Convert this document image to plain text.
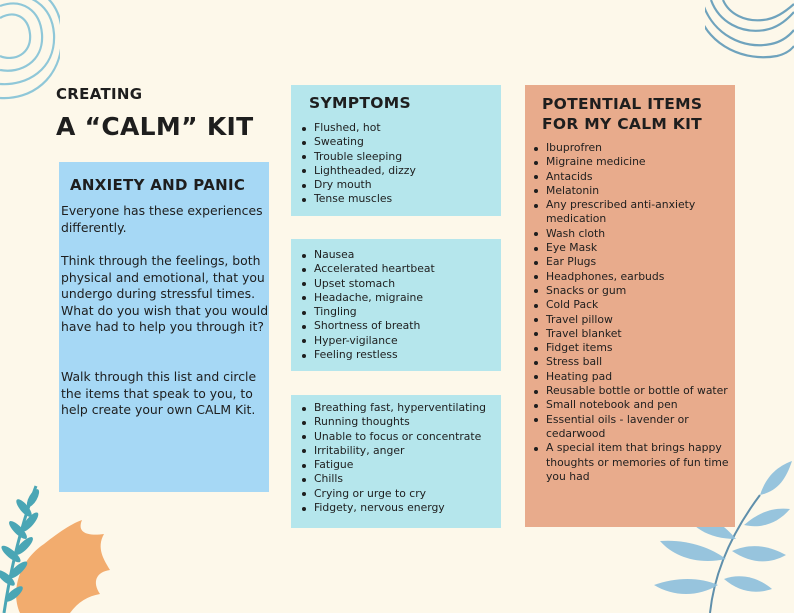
CREATING
A “CALM” KIT
ANXIETY AND PANIC

Everyone has these experiences differently.

Think through the feelings, both physical and emotional, that you undergo during stressful times. What do you wish that you would have had to help you through it?

Walk through this list and circle the items that speak to you, to help create your own CALM Kit.

SYMPTOMS
Flushed, hot
Sweating
Trouble sleeping
Lightheaded, dizzy
Dry mouth
Tense muscles
Nausea
Accelerated heartbeat
Upset stomach
Headache, migraine
Tingling
Shortness of breath
Hyper-vigilance
Feeling restless
Breathing fast, hyperventilating
Running thoughts
Unable to focus or concentrate
Irritability, anger
Fatigue
Chills
Crying or urge to cry
Fidgety, nervous energy
POTENTIAL ITEMS FOR MY CALM KIT
Ibuprofren
Migraine medicine
Antacids
Melatonin
Any prescribed anti-anxiety medication
Wash cloth
Eye Mask
Ear Plugs
Headphones, earbuds
Snacks or gum
Cold Pack
Travel pillow
Travel blanket
Fidget items
Stress ball
Heating pad
Reusable bottle or bottle of water
Small notebook and pen
Essential oils - lavender or cedarwood
A special item that brings happy thoughts or memories of fun time you had
